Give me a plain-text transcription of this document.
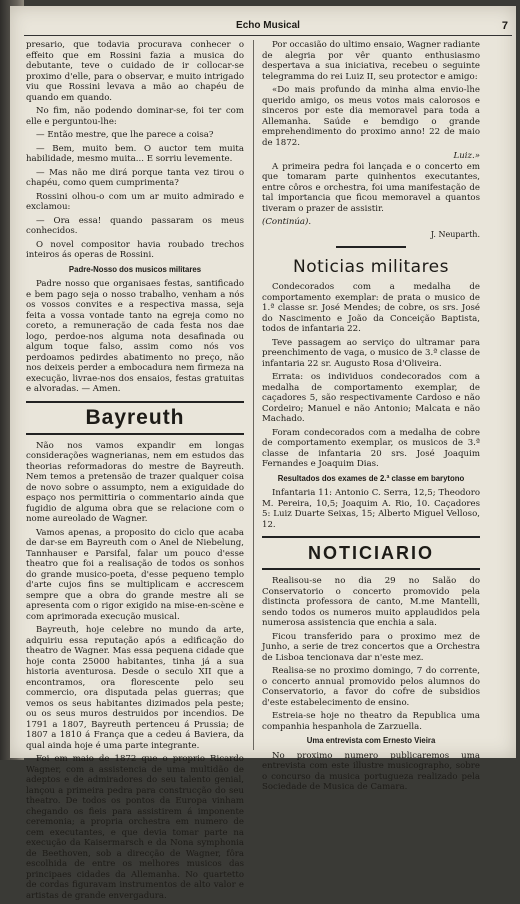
Echo Musical	7

presario, que todavia procurava conhecer o effeito que em Rossini fazia a musica do debutante, teve o cuidado de ir collocar-se proximo d'elle, para o observar, e muito intrigado viu que Rossini levava a mão ao chapéu de quando em quando.

No fim, não podendo dominar-se, foi ter com elle e perguntou-lhe:

— Então mestre, que lhe parece a coisa?

— Bem, muito bem. O auctor tem muita habilidade, mesmo muita... E sorriu levemente.

— Mas não me dirá porque tanta vez tirou o chapéu, como quem cumprimenta?

Rossini olhou-o com um ar muito admirado e exclamou:

— Ora essa! quando passaram os meus conhecidos.

O novel compositor havia roubado trechos inteiros ás operas de Rossini.

Padre-Nosso dos musicos militares

Padre nosso que organisaes festas, santificado e bem pago seja o nosso trabalho, venham a nós os vossos convites e a respectiva massa, seja feita a vossa vontade tanto na egreja como no coreto, a remuneração de cada festa nos dae logo, perdoe-nos alguma nota desafinada ou algum toque falso, assim como nós vos perdoamos pedirdes abatimento no preço, não nos deixeis perder a embocadura nem firmeza na execução, livrae-nos dos ensaios, festas gratuitas e alvoradas. — Amen.

Bayreuth

Não nos vamos expandir em longas considerações wagnerianas, nem em estudos das theorias reformadoras do mestre de Bayreuth. Nem temos a pretensão de trazer qualquer coisa de novo sobre o assumpto, nem a exiguidade do espaço nos permittiria o commentario ainda que fugidio de alguma obra que se relacione com o nome aureolado de Wagner.

Vamos apenas, a proposito do ciclo que acaba de dar-se em Bayreuth com o Anel de Niebelung, Tannhauser e Parsifal, falar um pouco d'esse theatro que foi a realisação de todos os sonhos do grande musico-poeta, d'esse pequeno templo d'arte cujos fins se multiplicam e accrescem sempre que a obra do grande mestre ali se apresenta com o rigor exigido na mise-en-scène e com aprimorada execução musical.

Bayreuth, hoje celebre no mundo da arte, adquiriu essa reputação após a edificação do theatro de Wagner. Mas essa pequena cidade que hoje conta 25000 habitantes, tinha já a sua historia aventurosa. Desde o seculo XII que a encontramos, ora florescente pelo seu commercio, ora disputada pelas guerras; que vemos os seus habitantes dizimados pela peste; ou os seus muros destruidos por incendios. De 1791 a 1807, Bayreuth pertenceu á Prussia; de 1807 a 1810 á França que a cedeu á Baviera, da qual ainda hoje é uma parte integrante.

Foi em maio de 1872 que o proprio Ricardo Wagner, com a assistencia de uma multidão de adeptos e de admiradores do seu talento genial, lançou a primeira pedra para construcção do seu theatro. De todos os pontos da Europa vinham chegando os fieis para assistirem á imponente ceremonia; a propria orchestra em numero de cem executantes, e que devia tomar parte na execução da Kaisermarsch e da Nona symphonia de Beethoven, sob a direcção de Wagner, fôra escolhida de entre os melhores musicos das principaes cidades da Allemanha. No quartetto de cordas figuravam instrumentos de alto valor e artistas de grande envergadura.

Por occasião do ultimo ensaio, Wagner radiante de alegria por vêr quanto enthusiasmo despertava a sua iniciativa, recebeu o seguinte telegramma do rei Luiz II, seu protector e amigo:

«Do mais profundo da minha alma envio-lhe querido amigo, os meus votos mais calorosos e sinceros por este dia memoravel para toda a Allemanha. Saúde e bemdigo o grande emprehendimento do proximo anno! 22 de maio de 1872.

Luiz.»

A primeira pedra foi lançada e o concerto em que tomaram parte quinhentos executantes, entre côros e orchestra, foi uma manifestação de tal importancia que ficou memoravel a quantos tiveram o prazer de assistir.

(Continúa).
J. Neuparth.
Noticias militares

Condecorados com a medalha de comportamento exemplar: de prata o musico de 1.ª classe sr. José Mendes; de cobre, os srs. José do Nascimento e João da Conceição Baptista, todos de infantaria 22.

Teve passagem ao serviço do ultramar para preenchimento de vaga, o musico de 3.ª classe de infantaria 22 sr. Augusto Rosa d'Oliveira.

Errata: os individuos condecorados com a medalha de comportamento exemplar, de caçadores 5, são respectivamente Cardoso e não Cordeiro; Manuel e não Antonio; Malcata e não Machado.

Foram condecorados com a medalha de cobre de comportamento exemplar, os musicos de 3.ª classe de infantaria 20 srs. José Joaquim Fernandes e Joaquim Dias.

Resultados dos exames de 2.ª classe em barytono

Infantaria 11: Antonio C. Serra, 12,5; Theodoro M. Pereira, 10,5; Joaquim A. Rio, 10. Caçadores 5: Luiz Duarte Seixas, 15; Alberto Miguel Velloso, 12.

NOTICIARIO

Realisou-se no dia 29 no Salão do Conservatorio o concerto promovido pela distincta professora de canto, M.me Mantelli, sendo todos os numeros muito applaudidos pela numerosa assistencia que enchia a sala.

Ficou transferido para o proximo mez de Junho, a serie de trez concertos que a Orchestra de Lisboa tencionava dar n'este mez.

Realisa-se no proximo domingo, 7 do corrente, o concerto annual promovido pelos alumnos do Conservatorio, a favor do cofre de subsidios d'este estabelecimento de ensino.

Estreia-se hoje no theatro da Republica uma companhia hespanhola de Zarzuella.

Uma entrevista com Ernesto Vieira

No proximo numero publicaremos uma entrevista com este illustre musicographo, sobre o concurso da musica portugueza realizado pela Sociedade de Musica de Camara.
